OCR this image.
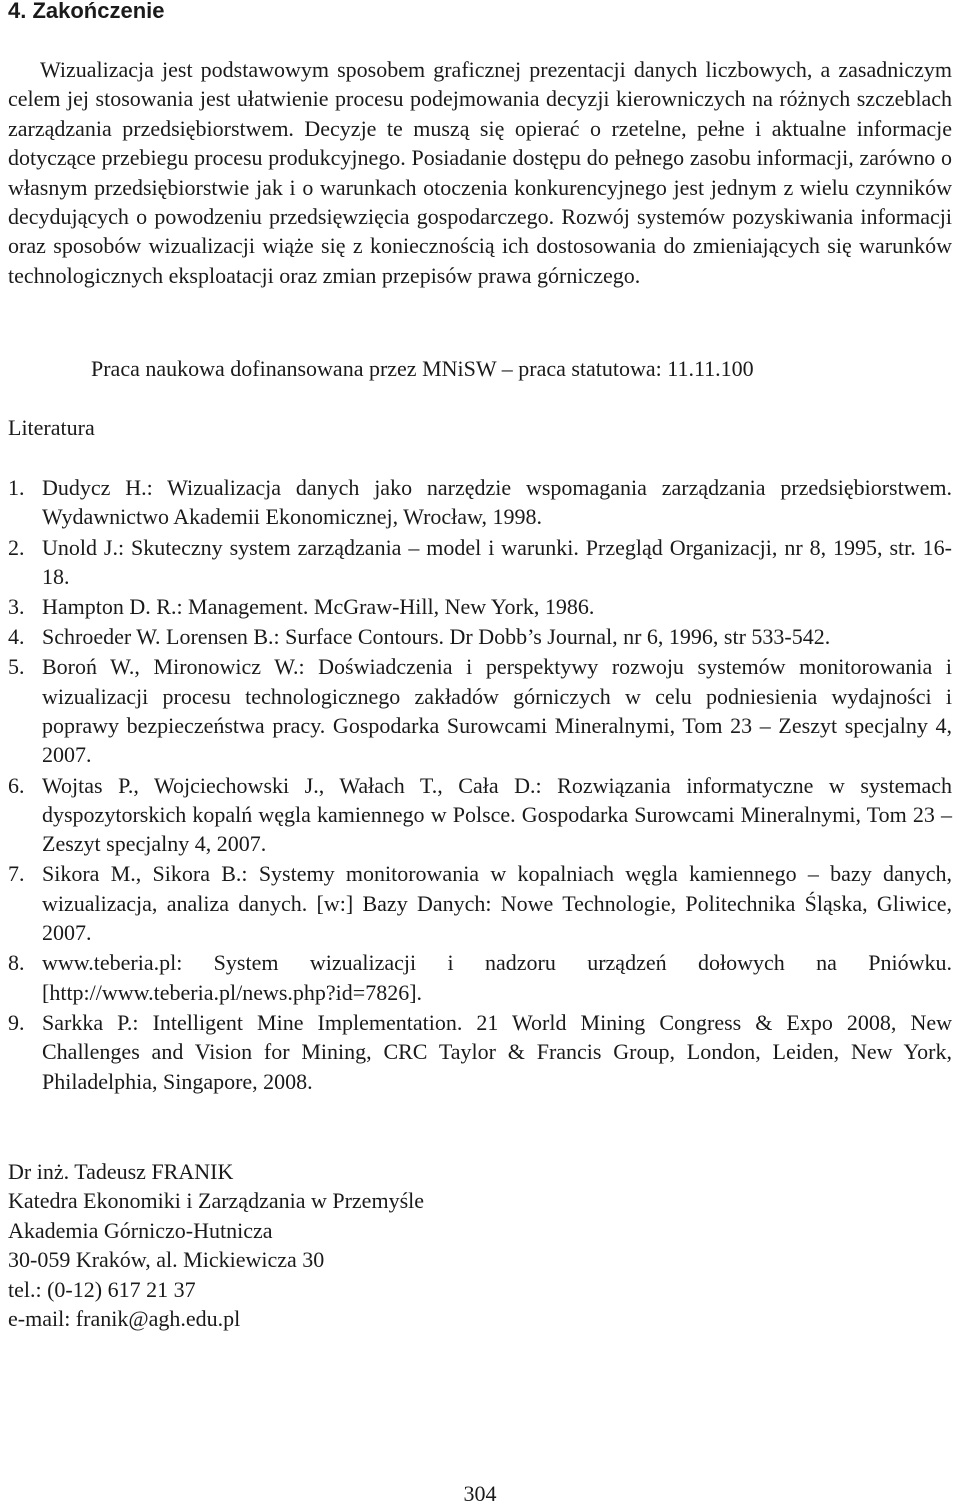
4. Zakończenie

Wizualizacja jest podstawowym sposobem graficznej prezentacji danych liczbowych, a zasadniczym celem jej stosowania jest ułatwienie procesu podejmowania decyzji kierowniczych na różnych szczeblach zarządzania przedsiębiorstwem. Decyzje te muszą się opierać o rzetelne, pełne i aktualne informacje dotyczące przebiegu procesu produkcyjnego. Posiadanie dostępu do pełnego zasobu informacji, zarówno o własnym przedsiębiorstwie jak i o warunkach otoczenia konkurencyjnego jest jednym z wielu czynników decydujących o powodzeniu przedsięwzięcia gospodarczego. Rozwój systemów pozyskiwania informacji oraz sposobów wizualizacji wiąże się z koniecznością ich dostosowania do zmieniających się warunków technologicznych eksploatacji oraz zmian przepisów prawa górniczego.

Praca naukowa dofinansowana przez MNiSW – praca statutowa: 11.11.100

Literatura

1. Dudycz H.: Wizualizacja danych jako narzędzie wspomagania zarządzania przedsiębiorstwem. Wydawnictwo Akademii Ekonomicznej, Wrocław, 1998.
2. Unold J.: Skuteczny system zarządzania – model i warunki. Przegląd Organizacji, nr 8, 1995, str. 16-18.
3. Hampton D. R.: Management. McGraw-Hill, New York, 1986.
4. Schroeder W. Lorensen B.: Surface Contours. Dr Dobb’s Journal, nr 6, 1996, str 533-542.
5. Boroń W., Mironowicz W.: Doświadczenia i perspektywy rozwoju systemów monitorowania i wizualizacji procesu technologicznego zakładów górniczych w celu podniesienia wydajności i poprawy bezpieczeństwa pracy. Gospodarka Surowcami Mineralnymi, Tom 23 – Zeszyt specjalny 4, 2007.
6. Wojtas P., Wojciechowski J., Wałach T., Cała D.: Rozwiązania informatyczne w systemach dyspozytorskich kopalń węgla kamiennego w Polsce. Gospodarka Surowcami Mineralnymi, Tom 23 – Zeszyt specjalny 4, 2007.
7. Sikora M., Sikora B.: Systemy monitorowania w kopalniach węgla kamiennego – bazy danych, wizualizacja, analiza danych. [w:] Bazy Danych: Nowe Technologie, Politechnika Śląska, Gliwice, 2007.
8. www.teberia.pl: System wizualizacji i nadzoru urządzeń dołowych na Pniówku. [http://www.teberia.pl/news.php?id=7826].
9. Sarkka P.: Intelligent Mine Implementation. 21 World Mining Congress & Expo 2008, New Challenges and Vision for Mining, CRC Taylor & Francis Group, London, Leiden, New York, Philadelphia, Singapore, 2008.
Dr inż. Tadeusz FRANIK
Katedra Ekonomiki i Zarządzania w Przemyśle
Akademia Górniczo-Hutnicza
30-059 Kraków, al. Mickiewicza 30
tel.: (0-12) 617 21 37
e-mail: franik@agh.edu.pl
304
